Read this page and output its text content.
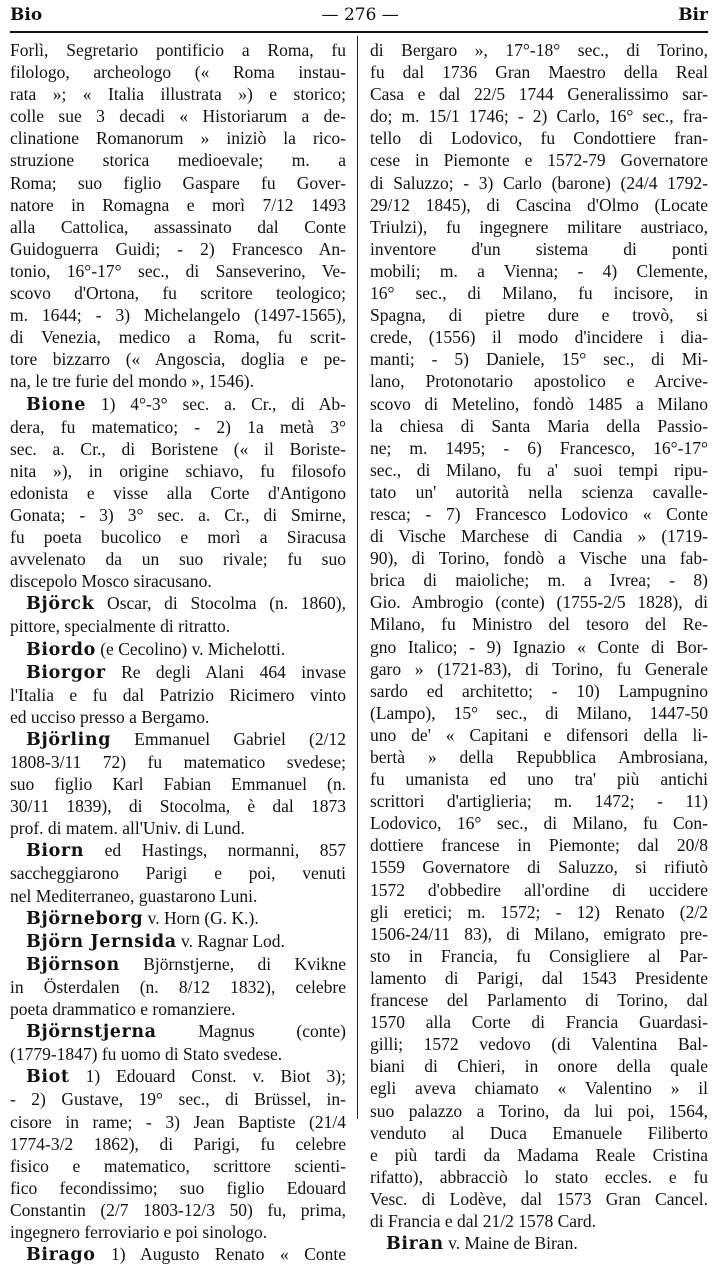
Bio	— 276 —	Bir
Forlì, Segretario pontificio a Roma, fu
filologo, archeologo (« Roma instau-
rata »; « Italia illustrata ») e storico;
colle sue 3 decadi « Historiarum a de-
clinatione Romanorum » iniziò la rico-
struzione storica medioevale; m. a
Roma; suo figlio Gaspare fu Gover-
natore in Romagna e morì 7/12 1493
alla Cattolica, assassinato dal Conte
Guidoguerra Guidi; - 2) Francesco An-
tonio, 16°-17° sec., di Sanseverino, Ve-
scovo d'Ortona, fu scritore teologico;
m. 1644; - 3) Michelangelo (1497-1565),
di Venezia, medico a Roma, fu scrit-
tore bizzarro (« Angoscia, doglia e pe-
na, le tre furie del mondo », 1546).
Bione 1) 4°-3° sec. a. Cr., di Ab-
dera, fu matematico; - 2) 1a metà 3°
sec. a. Cr., di Boristene (« il Boriste-
nita »), in origine schiavo, fu filosofo
edonista e visse alla Corte d'Antigono
Gonata; - 3) 3° sec. a. Cr., di Smirne,
fu poeta bucolico e morì a Siracusa
avvelenato da un suo rivale; fu suo
discepolo Mosco siracusano.
Björck Oscar, di Stocolma (n. 1860),
pittore, specialmente di ritratto.
Biordo (e Cecolino) v. Michelotti.
Biorgor Re degli Alani 464 invase
l'Italia e fu dal Patrizio Ricimero vinto
ed ucciso presso a Bergamo.
Björling Emmanuel Gabriel (2/12
1808-3/11 72) fu matematico svedese;
suo figlio Karl Fabian Emmanuel (n.
30/11 1839), di Stocolma, è dal 1873
prof. di matem. all'Univ. di Lund.
Biorn ed Hastings, normanni, 857
saccheggiarono Parigi e poi, venuti
nel Mediterraneo, guastarono Luni.
Björneborg v. Horn (G. K.).
Björn Jernsida v. Ragnar Lod.
Björnson Björnstjerne, di Kvikne
in Österdalen (n. 8/12 1832), celebre
poeta drammatico e romanziere.
Björnstjerna Magnus (conte)
(1779-1847) fu uomo di Stato svedese.
Biot 1) Edouard Const. v. Biot 3);
- 2) Gustave, 19° sec., di Brüssel, in-
cisore in rame; - 3) Jean Baptiste (21/4
1774-3/2 1862), di Parigi, fu celebre
fisico e matematico, scrittore scienti-
fico fecondissimo; suo figlio Edouard
Constantin (2/7 1803-12/3 50) fu, prima,
ingegnero ferroviario e poi sinologo.
Birago 1) Augusto Renato « Conte
di Bergaro », 17°-18° sec., di Torino,
fu dal 1736 Gran Maestro della Real
Casa e dal 22/5 1744 Generalissimo sar-
do; m. 15/1 1746; - 2) Carlo, 16° sec., fra-
tello di Lodovico, fu Condottiere fran-
cese in Piemonte e 1572-79 Governatore
di Saluzzo; - 3) Carlo (barone) (24/4 1792-
29/12 1845), di Cascina d'Olmo (Locate
Triulzi), fu ingegnere militare austriaco,
inventore d'un sistema di ponti
mobili; m. a Vienna; - 4) Clemente,
16° sec., di Milano, fu incisore, in
Spagna, di pietre dure e trovò, si
crede, (1556) il modo d'incidere i dia-
manti; - 5) Daniele, 15° sec., di Mi-
lano, Protonotario apostolico e Arcive-
scovo di Metelino, fondò 1485 a Milano
la chiesa di Santa Maria della Passio-
ne; m. 1495; - 6) Francesco, 16°-17°
sec., di Milano, fu a' suoi tempi ripu-
tato un' autorità nella scienza cavalle-
resca; - 7) Francesco Lodovico « Conte
di Vische Marchese di Candia » (1719-
90), di Torino, fondò a Vische una fab-
brica di maioliche; m. a Ivrea; - 8)
Gio. Ambrogio (conte) (1755-2/5 1828), di
Milano, fu Ministro del tesoro del Re-
gno Italico; - 9) Ignazio « Conte di Bor-
garo » (1721-83), di Torino, fu Generale
sardo ed architetto; - 10) Lampugnino
(Lampo), 15° sec., di Milano, 1447-50
uno de' « Capitani e difensori della li-
bertà » della Repubblica Ambrosiana,
fu umanista ed uno tra' più antichi
scrittori d'artiglieria; m. 1472; - 11)
Lodovico, 16° sec., di Milano, fu Con-
dottiere francese in Piemonte; dal 20/8
1559 Governatore di Saluzzo, si rifiutò
1572 d'obbedire all'ordine di uccidere
gli eretici; m. 1572; - 12) Renato (2/2
1506-24/11 83), di Milano, emigrato pre-
sto in Francia, fu Consigliere al Par-
lamento di Parigi, dal 1543 Presidente
francese del Parlamento di Torino, dal
1570 alla Corte di Francia Guardasi-
gilli; 1572 vedovo (di Valentina Bal-
biani di Chieri, in onore della quale
egli aveva chiamato « Valentino » il
suo palazzo a Torino, da lui poi, 1564,
venduto al Duca Emanuele Filiberto
e più tardi da Madama Reale Cristina
rifatto), abbracciò lo stato eccles. e fu
Vesc. di Lodève, dal 1573 Gran Cancel.
di Francia e dal 21/2 1578 Card.
Biran v. Maine de Biran.
